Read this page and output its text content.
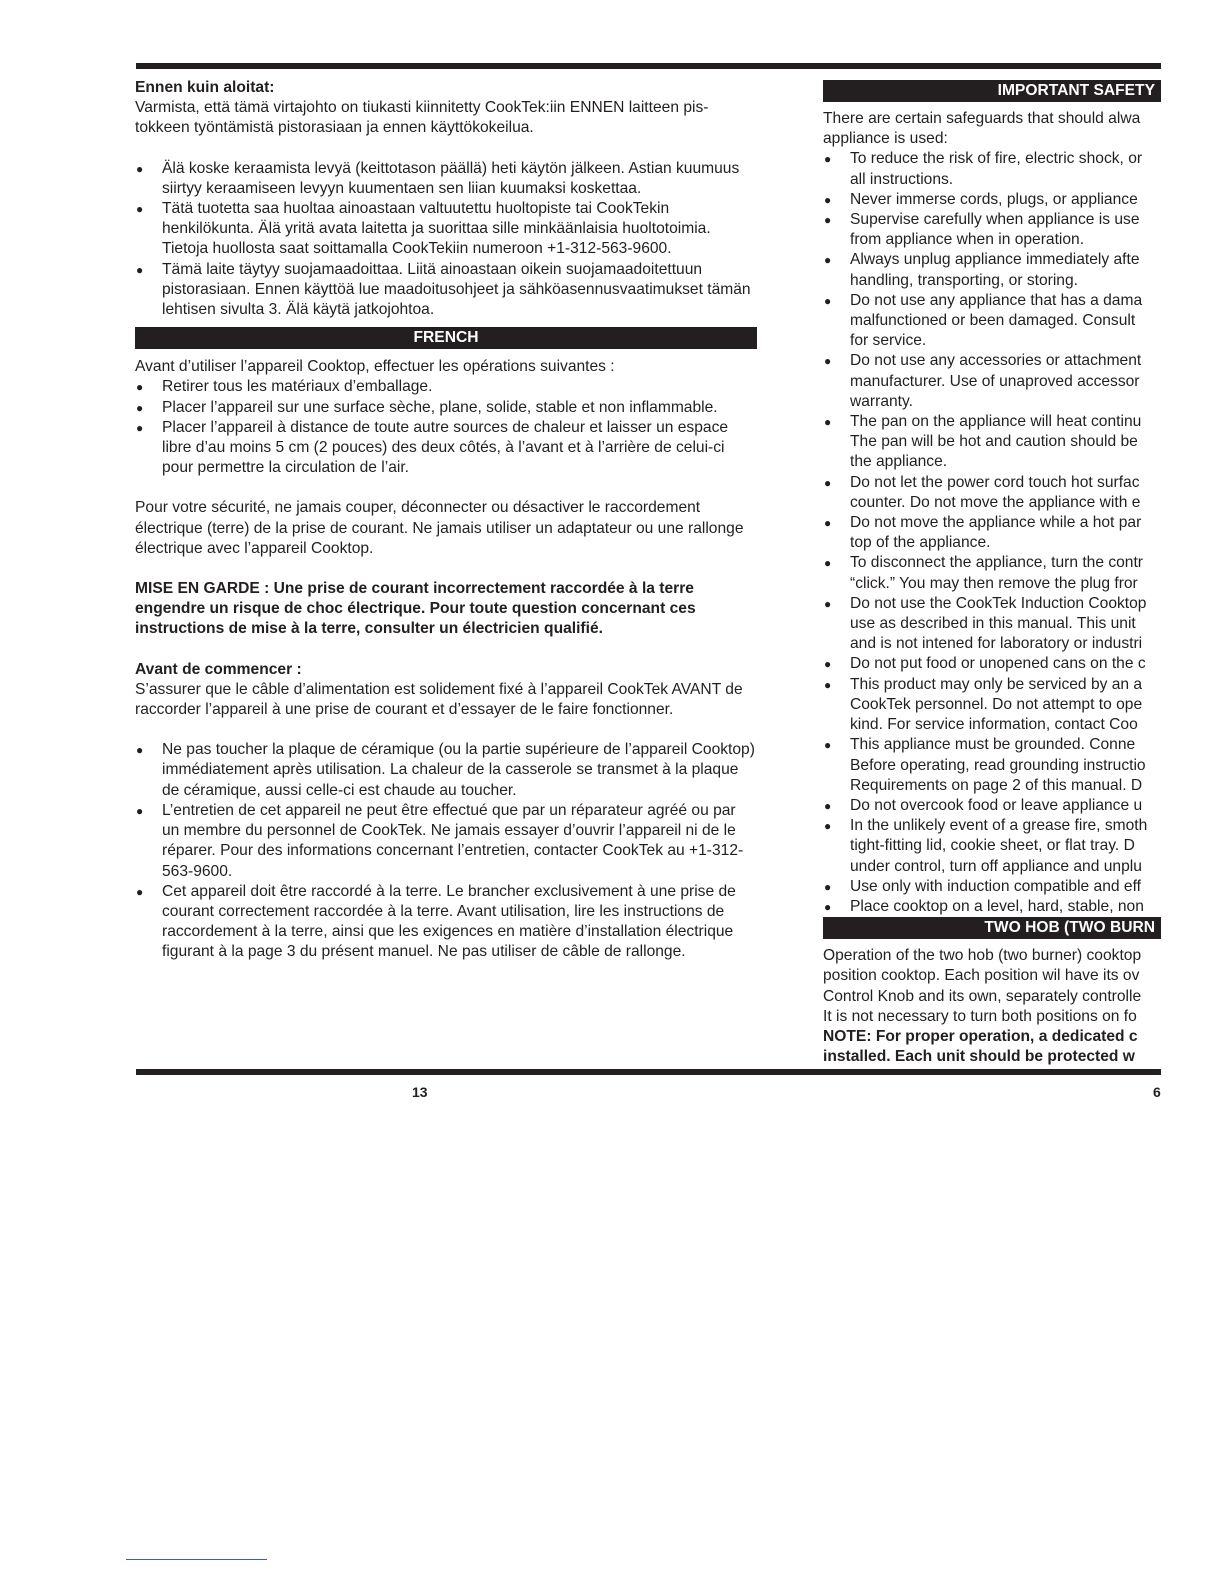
Ennen kuin aloitat:

Varmista, että tämä virtajohto on tiukasti kiinnitetty CookTek:iin ENNEN laitteen pis-

tokkeen työntämistä pistorasiaan ja ennen käyttökokeilua.

● Älä koske keraamista levyä (keittotason päällä) heti käytön jälkeen. Astian kuumuus siirtyy keraamiseen levyyn kuumentaen sen liian kuumaksi koskettaa.
● Tätä tuotetta saa huoltaa ainoastaan valtuutettu huoltopiste tai CookTekin henkilökunta. Älä yritä avata laitetta ja suorittaa sille minkäänlaisia huoltotoimia. Tietoja huollosta saat soittamalla CookTekiin numeroon +1-312-563-9600.
● Tämä laite täytyy suojamaadoittaa. Liitä ainoastaan oikein suojamaadoitettuun pistorasiaan. Ennen käyttöä lue maadoitusohjeet ja sähköasennusvaatimukset tämän lehtisen sivulta 3. Älä käytä jatkojohtoa.
FRENCH

Avant d’utiliser l’appareil Cooktop, effectuer les opérations suivantes :

● Retirer tous les matériaux d’emballage.
● Placer l’appareil sur une surface sèche, plane, solide, stable et non inflammable.
● Placer l’appareil à distance de toute autre sources de chaleur et laisser un espace libre d’au moins 5 cm (2 pouces) des deux côtés, à l’avant et à l’arrière de celui-ci pour permettre la circulation de l’air.

Pour votre sécurité, ne jamais couper, déconnecter ou désactiver le raccordement électrique (terre) de la prise de courant. Ne jamais utiliser un adaptateur ou une rallonge électrique avec l’appareil Cooktop.

MISE EN GARDE : Une prise de courant incorrectement raccordée à la terre engendre un risque de choc électrique. Pour toute question concernant ces instructions de mise à la terre, consulter un électricien qualifié.

Avant de commencer :

S’assurer que le câble d’alimentation est solidement fixé à l’appareil CookTek AVANT de raccorder l’appareil à une prise de courant et d’essayer de le faire fonctionner.

● Ne pas toucher la plaque de céramique (ou la partie supérieure de l’appareil Cooktop) immédiatement après utilisation. La chaleur de la casserole se transmet à la plaque de céramique, aussi celle-ci est chaude au toucher.
● L’entretien de cet appareil ne peut être effectué que par un réparateur agréé ou par un membre du personnel de CookTek. Ne jamais essayer d’ouvrir l’appareil ni de le réparer. Pour des informations concernant l’entretien, contacter CookTek au +1-312-563-9600.
● Cet appareil doit être raccordé à la terre. Le brancher exclusivement à une prise de courant correctement raccordée à la terre. Avant utilisation, lire les instructions de raccordement à la terre, ainsi que les exigences en matière d’installation électrique figurant à la page 3 du présent manuel. Ne pas utiliser de câble de rallonge.
IMPORTANT SAFETY

There are certain safeguards that should alwa

appliance is used:

● To reduce the risk of fire, electric shock, or
all instructions.
● Never immerse cords, plugs, or appliance
● Supervise carefully when appliance is use
from appliance when in operation.
● Always unplug appliance immediately afte
handling, transporting, or storing.
● Do not use any appliance that has a dama
malfunctioned or been damaged. Consult
for service.
● Do not use any accessories or attachment
manufacturer. Use of unaproved accessor
warranty.
● The pan on the appliance will heat continu
The pan will be hot and caution should be
the appliance.
● Do not let the power cord touch hot surfac
counter. Do not move the appliance with e
● Do not move the appliance while a hot par
top of the appliance.
● To disconnect the appliance, turn the contr
“click.” You may then remove the plug fror
● Do not use the CookTek Induction Cooktop
use as described in this manual. This unit
and is not intened for laboratory or industri
● Do not put food or unopened cans on the c
● This product may only be serviced by an a
CookTek personnel. Do not attempt to ope
kind. For service information, contact Coo
● This appliance must be grounded. Conne
Before operating, read grounding instructio
Requirements on page 2 of this manual. D
● Do not overcook food or leave appliance u
● In the unlikely event of a grease fire, smoth
tight-fitting lid, cookie sheet, or flat tray. D
under control, turn off appliance and unplu
● Use only with induction compatible and eff
● Place cooktop on a level, hard, stable, non
TWO HOB (TWO BURN

Operation of the two hob (two burner) cooktop

position cooktop. Each position wil have its ov

Control Knob and its own, separately controlle

It is not necessary to turn both positions on fo

NOTE: For proper operation, a dedicated c

installed. Each unit should be protected w

13	6
